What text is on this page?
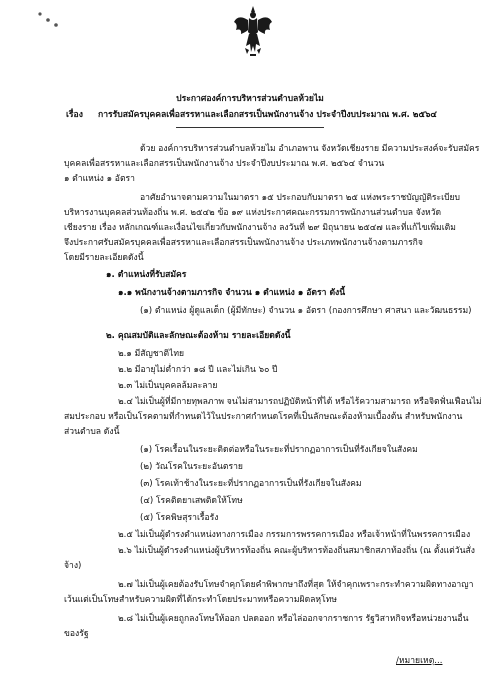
ประกาศองค์การบริหารส่วนตำบลห้วยไม
เรื่อง การรับสมัครบุคคลเพื่อสรรหาและเลือกสรรเป็นพนักงานจ้าง ประจำปีงบประมาณ พ.ศ. ๒๕๖๔
ด้วย องค์การบริหารส่วนตำบลห้วยไม อำเภอพาน จังหวัดเชียงราย มีความประสงค์จะรับสมัคร
บุคคลเพื่อสรรหาและเลือกสรรเป็นพนักงานจ้าง ประจำปีงบประมาณ พ.ศ. ๒๕๖๔ จำนวน
๑ ตำแหน่ง ๑ อัตรา
อาศัยอำนาจตามความในมาตรา ๑๕ ประกอบกับมาตรา ๒๕ แห่งพระราชบัญญัติระเบียบ
บริหารงานบุคคลส่วนท้องถิ่น พ.ศ. ๒๕๔๒ ข้อ ๑๙ แห่งประกาศคณะกรรมการพนักงานส่วนตำบล จังหวัด
เชียงราย เรื่อง หลักเกณฑ์และเงื่อนไขเกี่ยวกับพนักงานจ้าง ลงวันที่ ๒๙ มิถุนายน ๒๕๔๗ และที่แก้ไขเพิ่มเติม
จึงประกาศรับสมัครบุคคลเพื่อสรรหาและเลือกสรรเป็นพนักงานจ้าง ประเภทพนักงานจ้างตามภารกิจ
โดยมีรายละเอียดดังนี้
๑. ตำแหน่งที่รับสมัคร
๑.๑ พนักงานจ้างตามภารกิจ จำนวน ๑ ตำแหน่ง ๑ อัตรา ดังนี้
(๑) ตำแหน่ง ผู้ดูแลเด็ก (ผู้มีทักษะ) จำนวน ๑ อัตรา (กองการศึกษา ศาสนา และวัฒนธรรม)
๒. คุณสมบัติและลักษณะต้องห้าม รายละเอียดดังนี้
๒.๑ มีสัญชาติไทย
๒.๒ มีอายุไม่ต่ำกว่า ๑๘ ปี และไม่เกิน ๖๐ ปี
๒.๓ ไม่เป็นบุคคลล้มละลาย
๒.๔ ไม่เป็นผู้ที่มีกายทุพลภาพ จนไม่สามารถปฏิบัติหน้าที่ได้ หรือไร้ความสามารถ หรือจิตฟั่นเฟือนไม่
สมประกอบ หรือเป็นโรคตามที่กำหนดไว้ในประกาศกำหนดโรคที่เป็นลักษณะต้องห้ามเบื้องต้น สำหรับพนักงาน
ส่วนตำบล ดังนี้
(๑) โรคเรื้อนในระยะติดต่อหรือในระยะที่ปรากฏอาการเป็นที่รังเกียจในสังคม
(๒) วัณโรคในระยะอันตราย
(๓) โรคเท้าช้างในระยะที่ปรากฏอาการเป็นที่รังเกียจในสังคม
(๔) โรคติดยาเสพติดให้โทษ
(๕) โรคพิษสุราเรื้อรัง
๒.๕ ไม่เป็นผู้ดำรงตำแหน่งทางการเมือง กรรมการพรรคการเมือง หรือเจ้าหน้าที่ในพรรคการเมือง
๒.๖ ไม่เป็นผู้ดำรงตำแหน่งผู้บริหารท้องถิ่น คณะผู้บริหารท้องถิ่นสมาชิกสภาท้องถิ่น (ณ ตั้งแต่วันสั่ง
จ้าง)
๒.๗ ไม่เป็นผู้เคยต้องรับโทษจำคุกโดยคำพิพากษาถึงที่สุด ให้จำคุกเพราะกระทำความผิดทางอาญา
เว้นแต่เป็นโทษสำหรับความผิดที่ได้กระทำโดยประมาทหรือความผิดลหุโทษ
๒.๘ ไม่เป็นผู้เคยถูกลงโทษให้ออก ปลดออก หรือไล่ออกจากราชการ รัฐวิสาหกิจหรือหน่วยงานอื่น
ของรัฐ
/หมายเหตุ...
